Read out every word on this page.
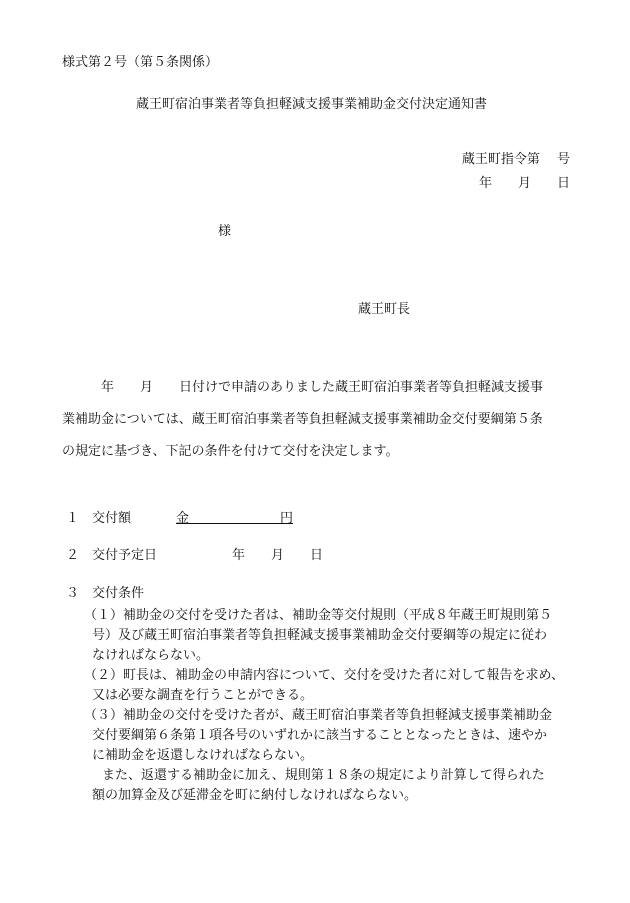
様式第２号（第５条関係）
蔵王町宿泊事業者等負担軽減支援事業補助金交付決定通知書
蔵王町指令第　 号
年　　月　　日
様
蔵王町長
　　　年　　月　　日付けで申請のありました蔵王町宿泊事業者等負担軽減支援事
業補助金については、蔵王町宿泊事業者等負担軽減支援事業補助金交付要綱第５条
の規定に基づき、下記の条件を付けて交付を決定します。
１ 交付額	金　　　　　　　円
２ 交付予定日	年　　月　　日
３ 交付条件
（１）補助金の交付を受けた者は、補助金等交付規則（平成８年蔵王町規則第５
号）及び蔵王町宿泊事業者等負担軽減支援事業補助金交付要綱等の規定に従わ
なければならない。
（２）町長は、補助金の申請内容について、交付を受けた者に対して報告を求め、
又は必要な調査を行うことができる。
（３）補助金の交付を受けた者が、蔵王町宿泊事業者等負担軽減支援事業補助金
交付要綱第６条第１項各号のいずれかに該当することとなったときは、速やか
に補助金を返還しなければならない。
また、返還する補助金に加え、規則第１８条の規定により計算して得られた
額の加算金及び延滞金を町に納付しなければならない。
